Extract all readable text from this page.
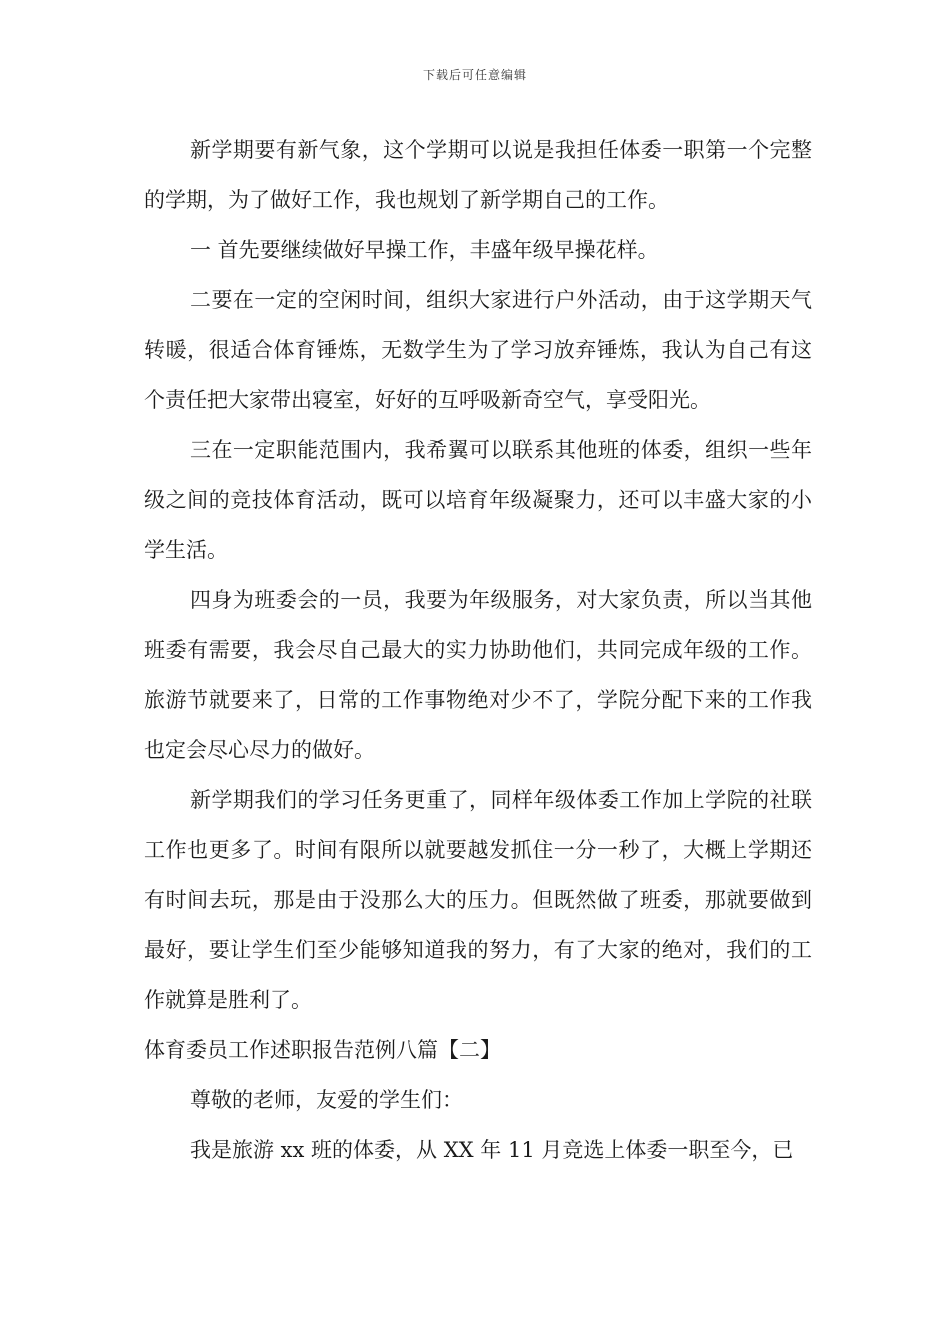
下载后可任意编辑

新学期要有新气象，这个学期可以说是我担任体委一职第一个完整的学期，为了做好工作，我也规划了新学期自己的工作。

一 首先要继续做好早操工作，丰盛年级早操花样。

二要在一定的空闲时间，组织大家进行户外活动，由于这学期天气转暖，很适合体育锤炼，无数学生为了学习放弃锤炼，我认为自己有这个责任把大家带出寝室，好好的互呼吸新奇空气，享受阳光。

三在一定职能范围内，我希翼可以联系其他班的体委，组织一些年级之间的竞技体育活动，既可以培育年级凝聚力，还可以丰盛大家的小学生活。

四身为班委会的一员，我要为年级服务，对大家负责，所以当其他班委有需要，我会尽自己最大的实力协助他们，共同完成年级的工作。旅游节就要来了，日常的工作事物绝对少不了，学院分配下来的工作我也定会尽心尽力的做好。

新学期我们的学习任务更重了，同样年级体委工作加上学院的社联工作也更多了。时间有限所以就要越发抓住一分一秒了，大概上学期还有时间去玩，那是由于没那么大的压力。但既然做了班委，那就要做到最好，要让学生们至少能够知道我的努力，有了大家的绝对，我们的工作就算是胜利了。

体育委员工作述职报告范例八篇【二】

尊敬的老师，友爱的学生们：

我是旅游 xx 班的体委，从 XX 年 11 月竞选上体委一职至今，已
